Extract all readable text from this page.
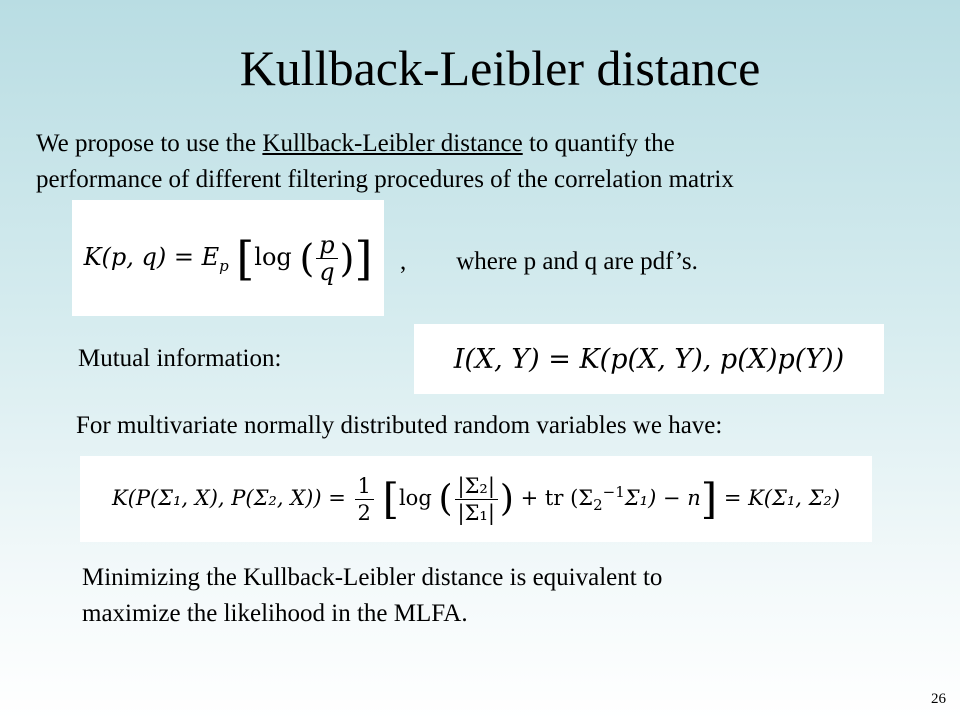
Kullback-Leibler distance
We propose to use the Kullback-Leibler distance to quantify the
performance of different filtering procedures of the correlation matrix
K(p, $q) = E_p$ [log ( $\frac{p}{q}$ )] ,        where p and q are pdf’s.
Mutual information:	I(X, Y) = K(p(X, Y), p(X)p(Y))
For multivariate normally distributed random variables we have:
K(P(Σ₁, X), P(Σ₂, $X)) = \frac{1}{2} [\log$ ( $\frac{\text{|Σ₂|}}{\text{|Σ₁|}}$ ) + tr $(\Sigma_2^{-1}\Sigma_1) - n] = K(\Sigma_1$, Σ₂)
Minimizing the Kullback-Leibler distance is equivalent to
maximize the likelihood in the MLFA.
26
